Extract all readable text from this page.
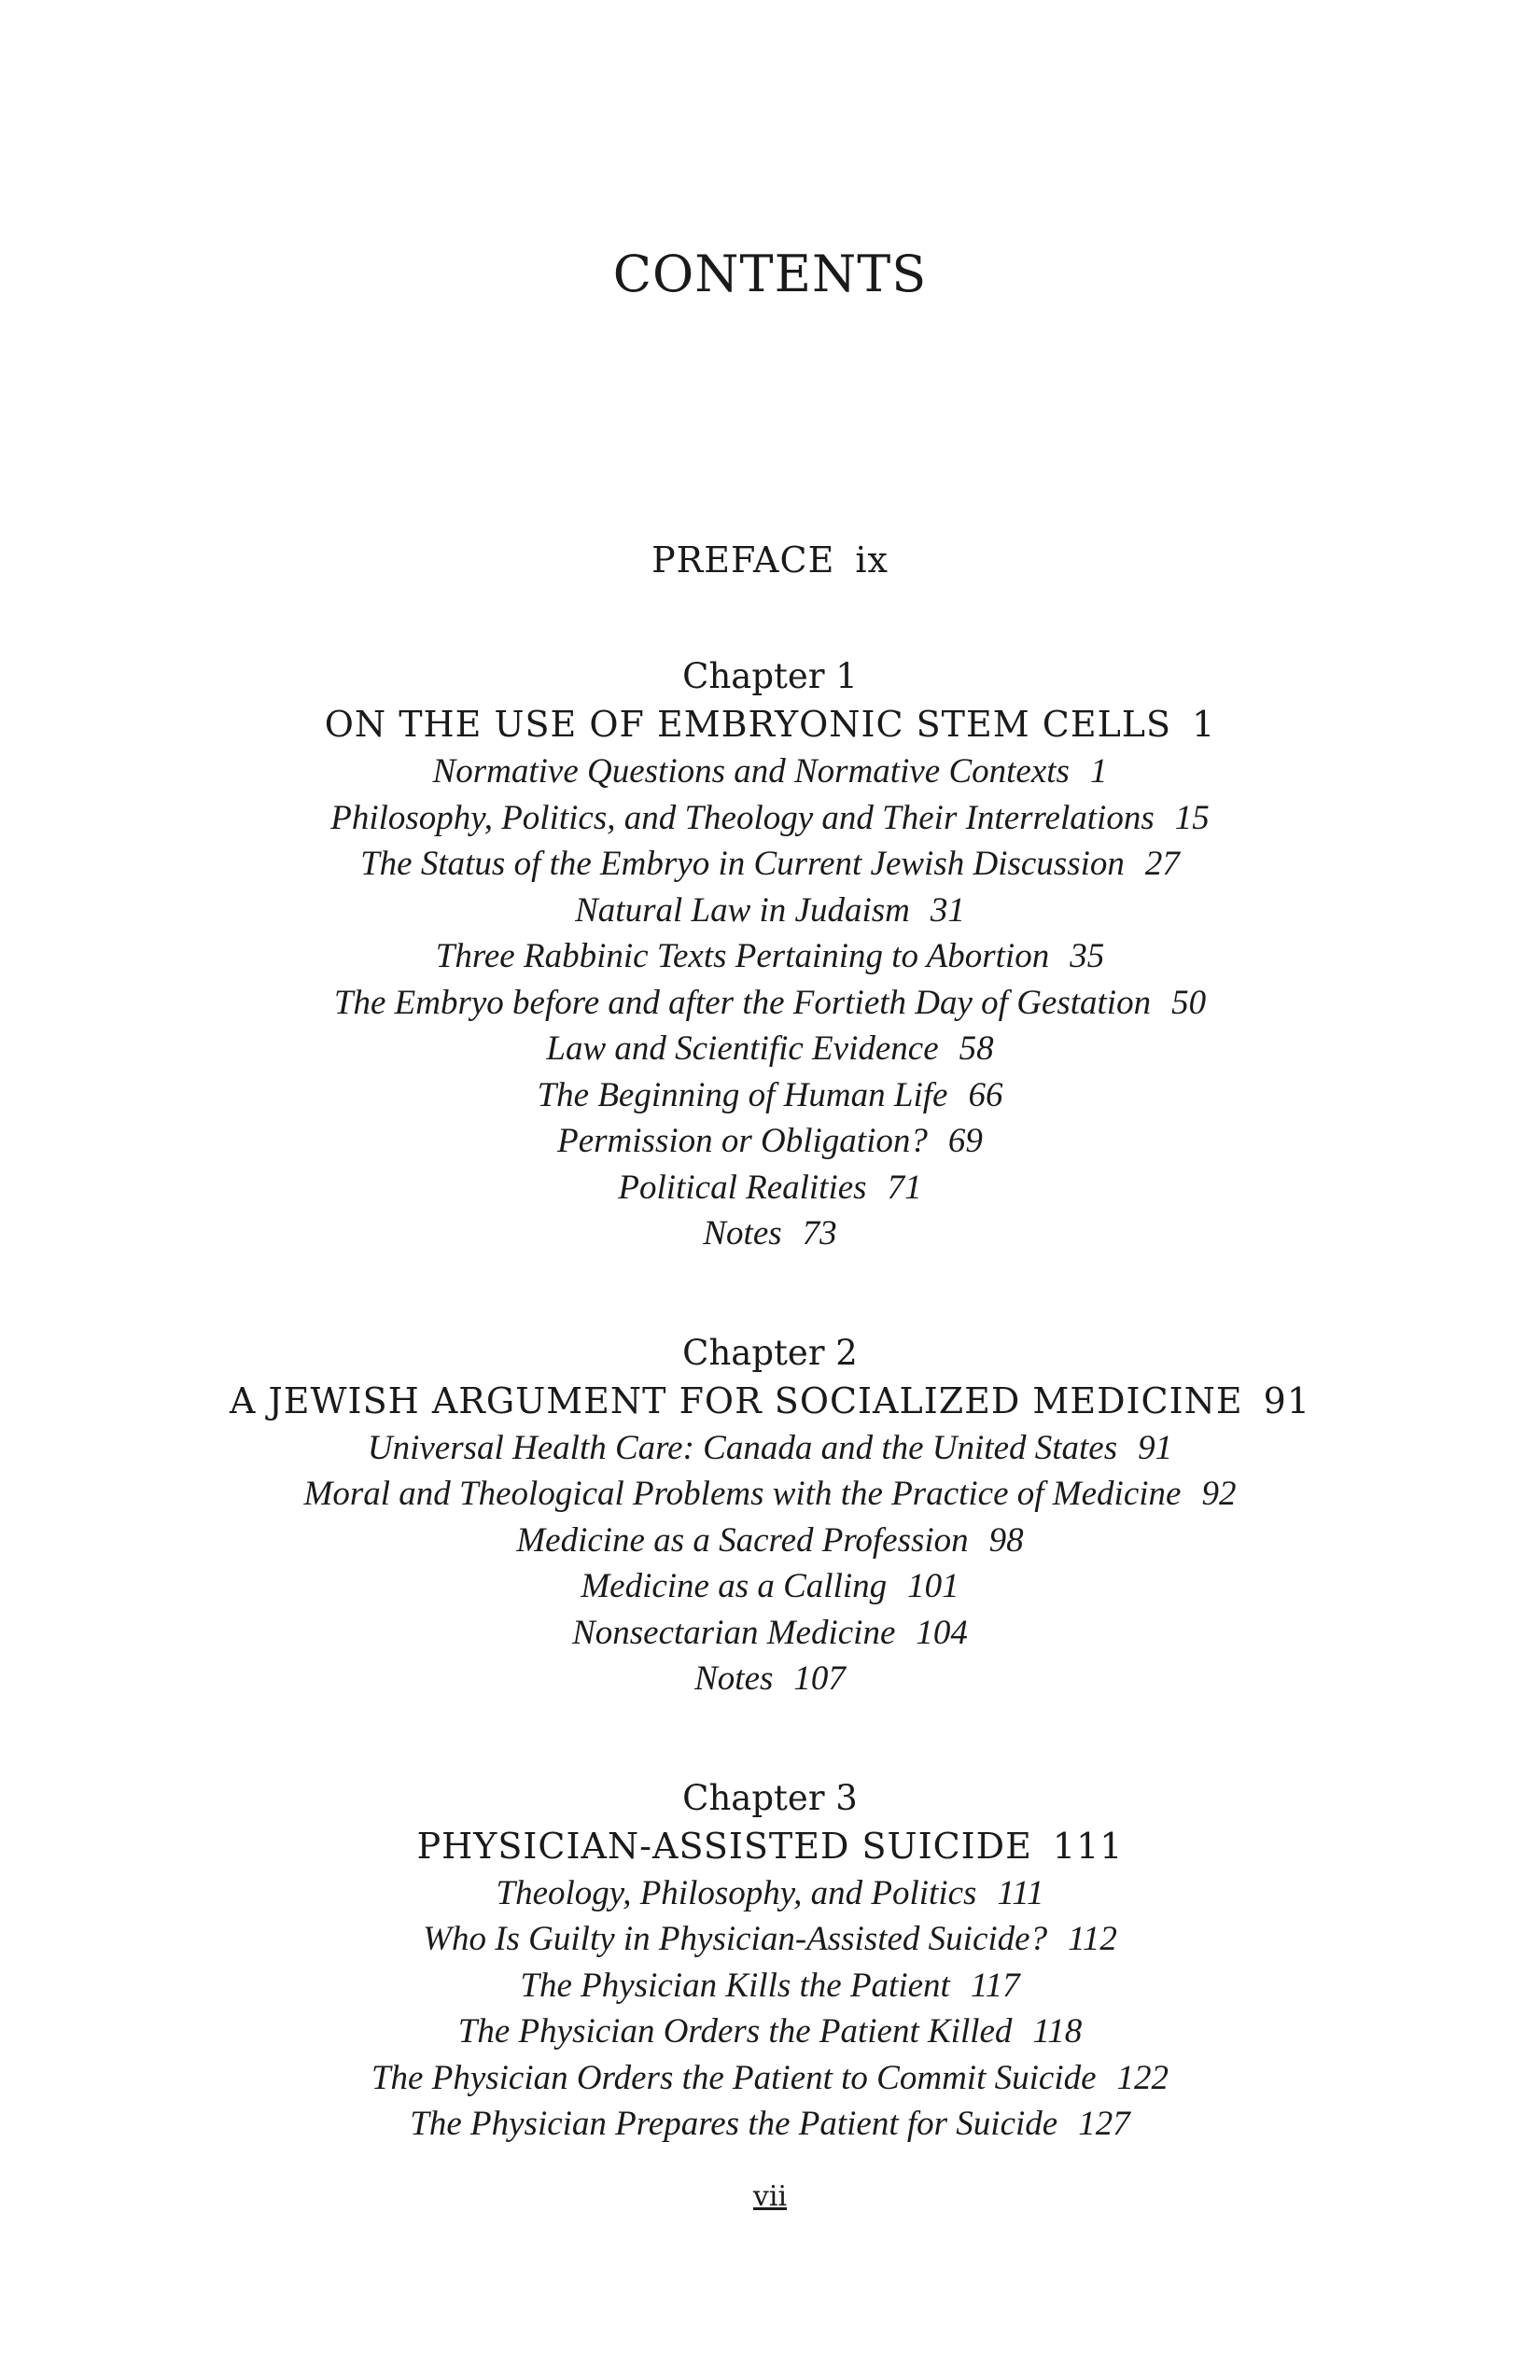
CONTENTS
PREFACE ix
Chapter 1
ON THE USE OF EMBRYONIC STEM CELLS 1
Normative Questions and Normative Contexts 1
Philosophy, Politics, and Theology and Their Interrelations 15
The Status of the Embryo in Current Jewish Discussion 27
Natural Law in Judaism 31
Three Rabbinic Texts Pertaining to Abortion 35
The Embryo before and after the Fortieth Day of Gestation 50
Law and Scientific Evidence 58
The Beginning of Human Life 66
Permission or Obligation? 69
Political Realities 71
Notes 73
Chapter 2
A JEWISH ARGUMENT FOR SOCIALIZED MEDICINE 91
Universal Health Care: Canada and the United States 91
Moral and Theological Problems with the Practice of Medicine 92
Medicine as a Sacred Profession 98
Medicine as a Calling 101
Nonsectarian Medicine 104
Notes 107
Chapter 3
PHYSICIAN-ASSISTED SUICIDE 111
Theology, Philosophy, and Politics 111
Who Is Guilty in Physician-Assisted Suicide? 112
The Physician Kills the Patient 117
The Physician Orders the Patient Killed 118
The Physician Orders the Patient to Commit Suicide 122
The Physician Prepares the Patient for Suicide 127
vii
